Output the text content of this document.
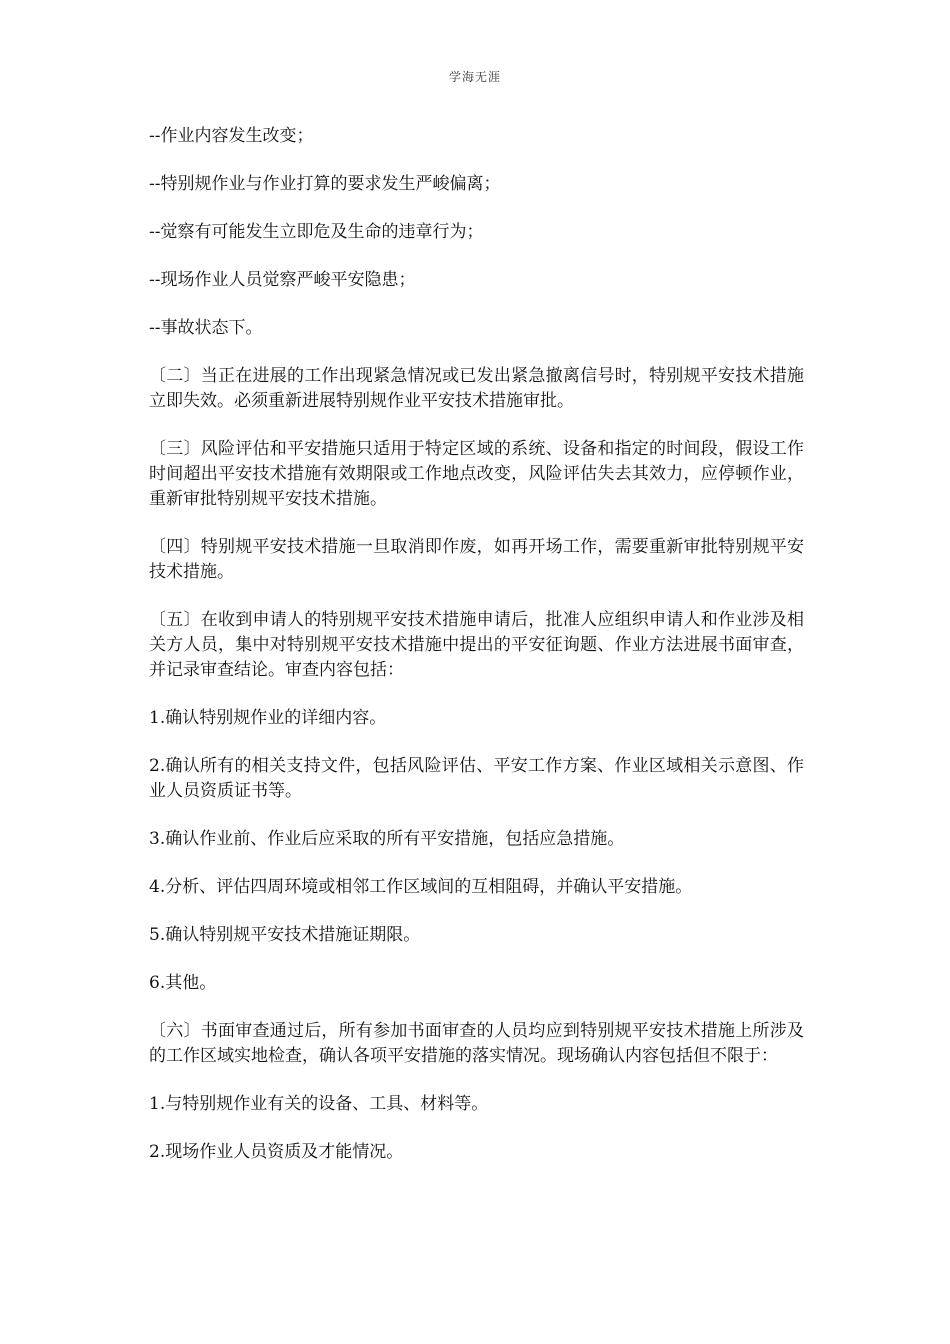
学海无涯

--作业内容发生改变；

--特别规作业与作业打算的要求发生严峻偏离；

--觉察有可能发生立即危及生命的违章行为；

--现场作业人员觉察严峻平安隐患；

--事故状态下。

〔二〕当正在进展的工作出现紧急情况或已发出紧急撤离信号时，特别规平安技术措施立即失效。必须重新进展特别规作业平安技术措施审批。

〔三〕风险评估和平安措施只适用于特定区域的系统、设备和指定的时间段，假设工作时间超出平安技术措施有效期限或工作地点改变，风险评估失去其效力，应停顿作业，重新审批特别规平安技术措施。

〔四〕特别规平安技术措施一旦取消即作废，如再开场工作，需要重新审批特别规平安技术措施。

〔五〕在收到申请人的特别规平安技术措施申请后，批准人应组织申请人和作业涉及相关方人员，集中对特别规平安技术措施中提出的平安征询题、作业方法进展书面审查，并记录审查结论。审查内容包括：

1.确认特别规作业的详细内容。

2.确认所有的相关支持文件，包括风险评估、平安工作方案、作业区域相关示意图、作业人员资质证书等。

3.确认作业前、作业后应采取的所有平安措施，包括应急措施。

4.分析、评估四周环境或相邻工作区域间的互相阻碍，并确认平安措施。

5.确认特别规平安技术措施证期限。

6.其他。

〔六〕书面审查通过后，所有参加书面审查的人员均应到特别规平安技术措施上所涉及的工作区域实地检查，确认各项平安措施的落实情况。现场确认内容包括但不限于：

1.与特别规作业有关的设备、工具、材料等。

2.现场作业人员资质及才能情况。
